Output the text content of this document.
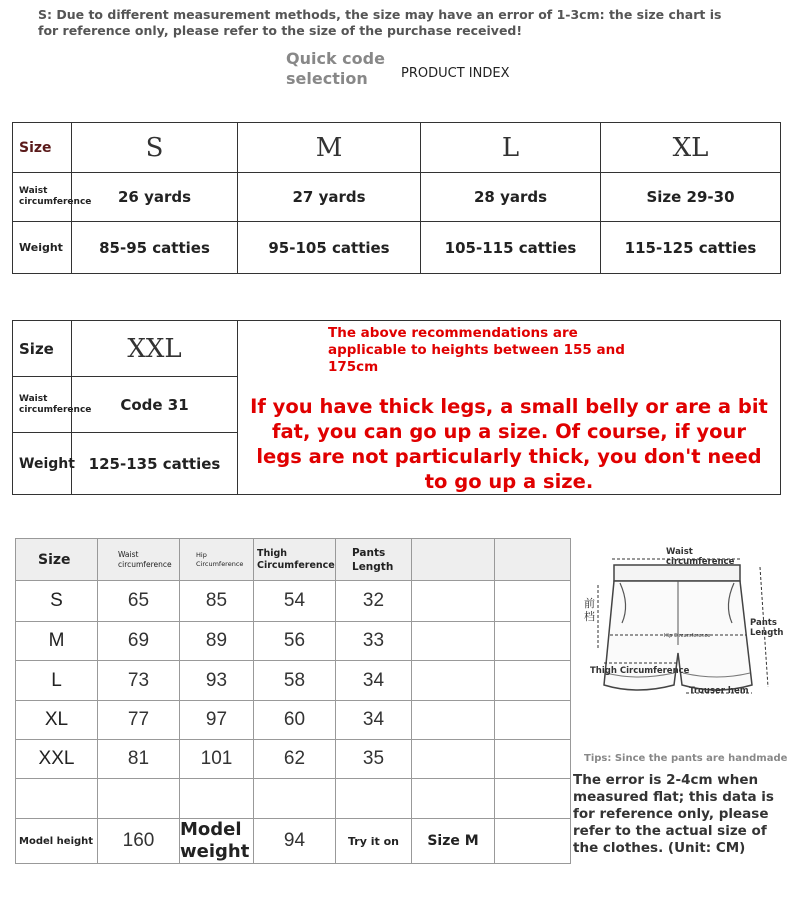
S: Due to different measurement methods, the size may have an error of 1-3cm: the size chart is for reference only, please refer to the size of the purchase received!
Quick code selection	PRODUCT INDEX
Size	S	M	L	XL
Waist circumference	26 yards	27 yards	28 yards	Size 29-30
Weight	85-95 catties	95-105 catties	105-115 catties	115-125 catties
Size	XXL	The above recommendations are applicable to heights between 155 and 175cm
If you have thick legs, a small belly or are a bit fat, you can go up a size. Of course, if your legs are not particularly thick, you don't need to go up a size.

Waist circumference	Code 31	
Weight	125-135 catties	
Size	Waist circumference	Hip Circumference	Thigh Circumference	Pants Length		
S	65	85	54	32		
M	69	89	56	33		
L	73	93	58	34		
XL	77	97	60	34		
XXL	81	101	62	35		

Model height	160	Model weight	94	Try it on	Size M	
Waist circumference
前档
Hip Circumference
Pants Length
Thigh Circumference
Trouser hem
Tips: Since the pants are handmade
The error is 2-4cm when measured flat; this data is for reference only, please refer to the actual size of the clothes. (Unit: CM)
